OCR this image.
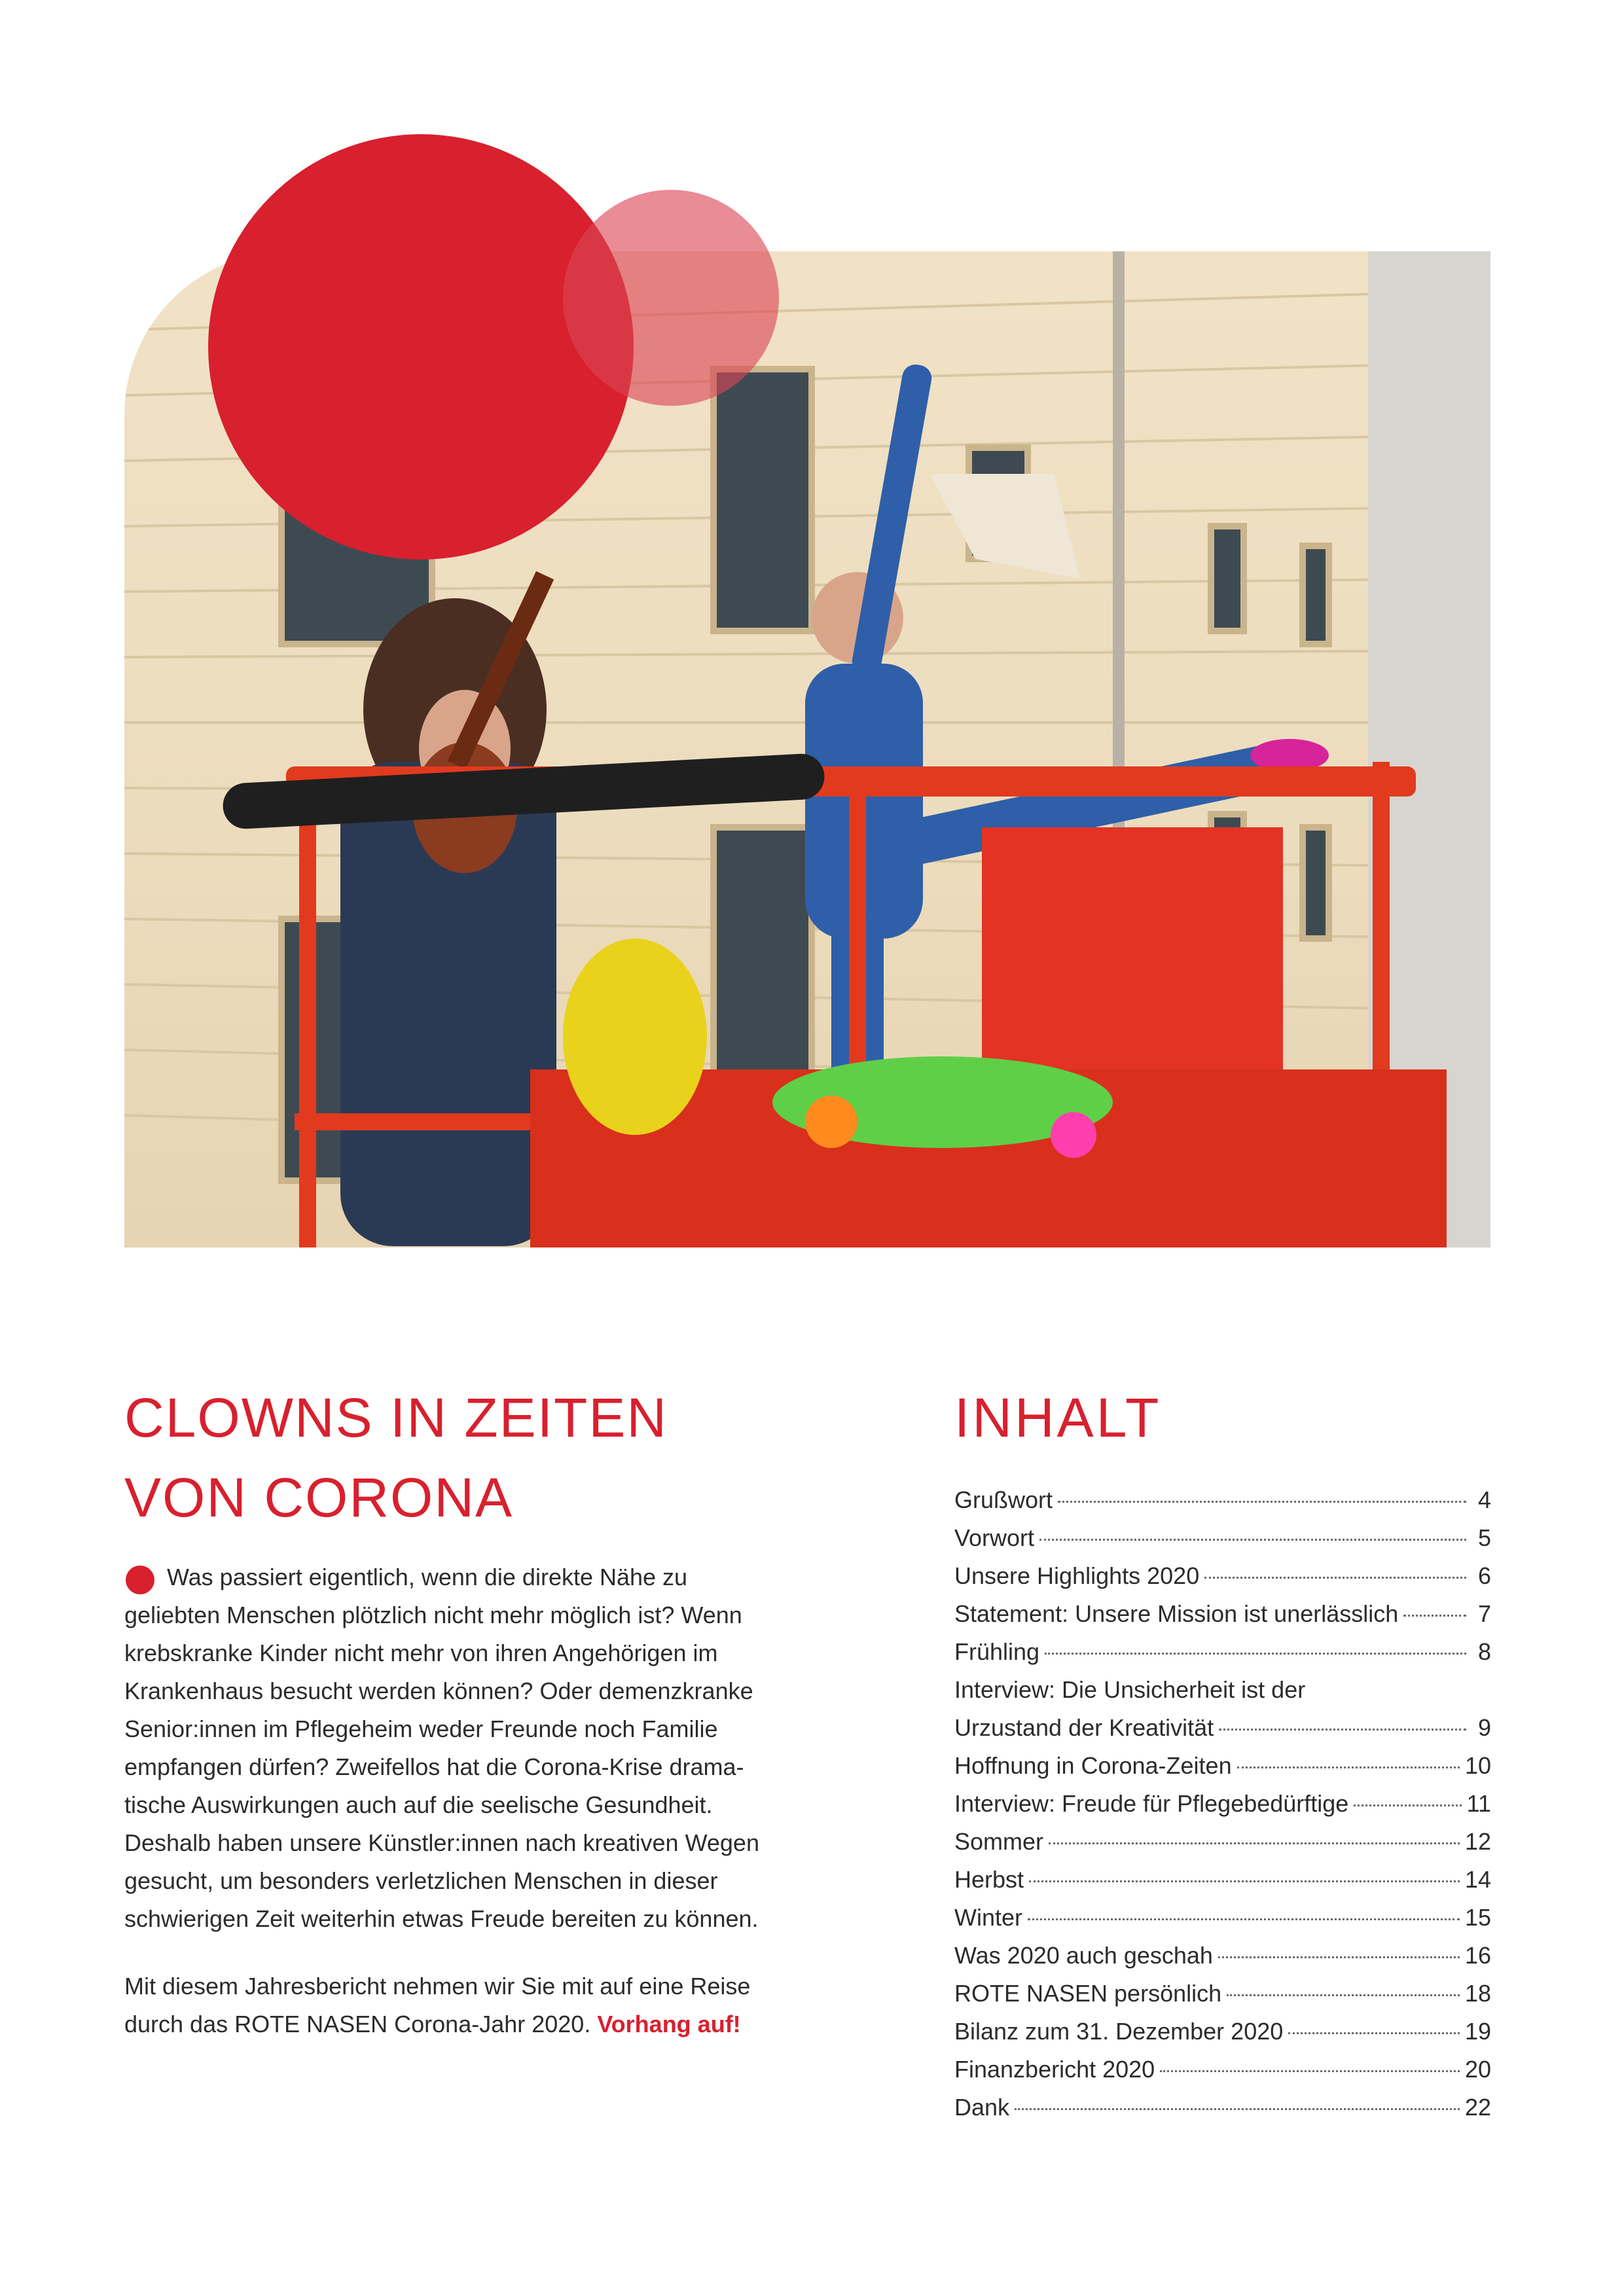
CLOWNS IN ZEITEN
VON CORONA

Was passiert eigentlich, wenn die direkte Nähe zu
geliebten Menschen plötzlich nicht mehr möglich ist? Wenn
krebskranke Kinder nicht mehr von ihren Angehörigen im
Krankenhaus besucht werden können? Oder demenzkranke
Senior:innen im Pflegeheim weder Freunde noch Familie
empfangen dürfen? Zweifellos hat die Corona-Krise drama-
tische Auswirkungen auch auf die seelische Gesundheit.
Deshalb haben unsere Künstler:innen nach kreativen Wegen
gesucht, um besonders verletzlichen Menschen in dieser
schwierigen Zeit weiterhin etwas Freude bereiten zu können.

Mit diesem Jahresbericht nehmen wir Sie mit auf eine Reise
durch das ROTE NASEN Corona-Jahr 2020. Vorhang auf!

INHALT
Grußwort	4
Vorwort	5
Unsere Highlights 2020	6
Statement: Unsere Mission ist unerlässlich	7
Frühling	8
Interview: Die Unsicherheit ist der
Urzustand der Kreativität	9
Hoffnung in Corona-Zeiten	10
Interview: Freude für Pflegebedürftige	11
Sommer	12
Herbst	14
Winter	15
Was 2020 auch geschah	16
ROTE NASEN persönlich	18
Bilanz zum 31. Dezember 2020	19
Finanzbericht 2020	20
Dank	22
